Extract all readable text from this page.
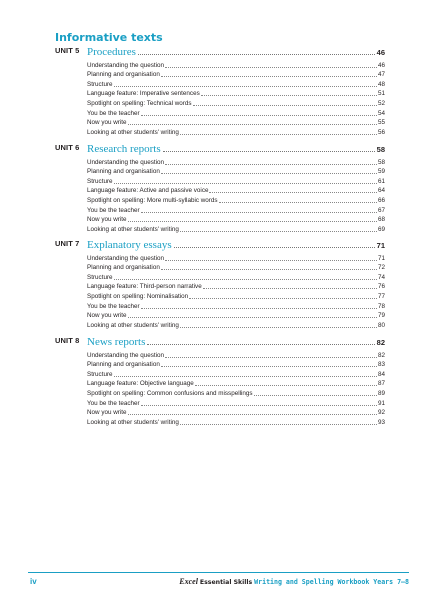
Informative texts
UNIT 5 Procedures	46
Understanding the question	46
Planning and organisation	47
Structure	48
Language feature: Imperative sentences	51
Spotlight on spelling: Technical words	52
You be the teacher	54
Now you write	55
Looking at other students' writing	56
UNIT 6 Research reports	58
Understanding the question	58
Planning and organisation	59
Structure	61
Language feature: Active and passive voice	64
Spotlight on spelling: More multi-syllabic words	66
You be the teacher	67
Now you write	68
Looking at other students' writing	69
UNIT 7 Explanatory essays	71
Understanding the question	71
Planning and organisation	72
Structure	74
Language feature: Third-person narrative	76
Spotlight on spelling: Nominalisation	77
You be the teacher	78
Now you write	79
Looking at other students' writing	80
UNIT 8 News reports	82
Understanding the question	82
Planning and organisation	83
Structure	84
Language feature: Objective language	87
Spotlight on spelling: Common confusions and misspellings	89
You be the teacher	91
Now you write	92
Looking at other students' writing	93
iv	Excel Essential Skills Writing and Spelling Workbook Years 7–8
